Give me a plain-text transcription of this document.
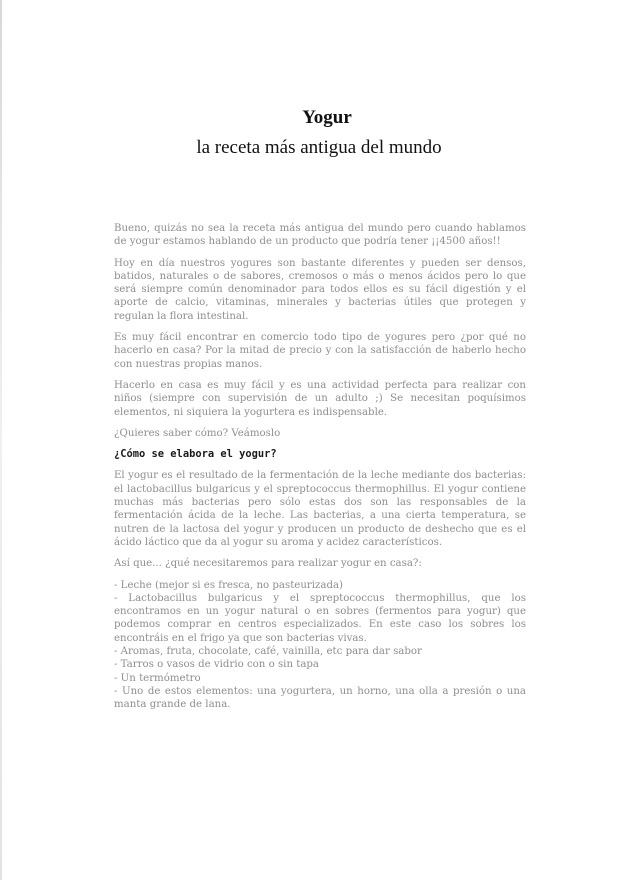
Yogur
la receta más antigua del mundo

Bueno, quizás no sea la receta más antigua del mundo pero cuando hablamos de yogur estamos hablando de un producto que podría tener ¡¡4500 años!!

Hoy en día nuestros yogures son bastante diferentes y pueden ser densos, batidos, naturales o de sabores, cremosos o más o menos ácidos pero lo que será siempre común denominador para todos ellos es su fácil digestión y el aporte de calcio, vitaminas, minerales y bacterias útiles que protegen y regulan la flora intestinal.

Es muy fácil encontrar en comercio todo tipo de yogures pero ¿por qué no hacerlo en casa? Por la mitad de precio y con la satisfacción de haberlo hecho con nuestras propias manos.

Hacerlo en casa es muy fácil y es una actividad perfecta para realizar con niños (siempre con supervisión de un adulto ;) Se necesitan poquísimos elementos, ni siquiera la yogurtera es indispensable.

¿Quieres saber cómo? Veámoslo

¿Cómo se elabora el yogur?

El yogur es el resultado de la fermentación de la leche mediante dos bacterias: el lactobacillus bulgaricus y el spreptococcus thermophillus. El yogur contiene muchas más bacterias pero sólo estas dos son las responsables de la fermentación ácida de la leche. Las bacterias, a una cierta temperatura, se nutren de la lactosa del yogur y producen un producto de deshecho que es el ácido láctico que da al yogur su aroma y acidez característicos.

Así que... ¿qué necesitaremos para realizar yogur en casa?:

- Leche (mejor si es fresca, no pasteurizada)
- Lactobacillus bulgaricus y el spreptococcus thermophillus, que los encontramos en un yogur natural o en sobres (fermentos para yogur) que podemos comprar en centros especializados. En este caso los sobres los encontráis en el frigo ya que son bacterias vivas.
- Aromas, fruta, chocolate, café, vainilla, etc para dar sabor
- Tarros o vasos de vidrio con o sin tapa
- Un termómetro
- Uno de estos elementos: una yogurtera, un horno, una olla a presión o una manta grande de lana.
